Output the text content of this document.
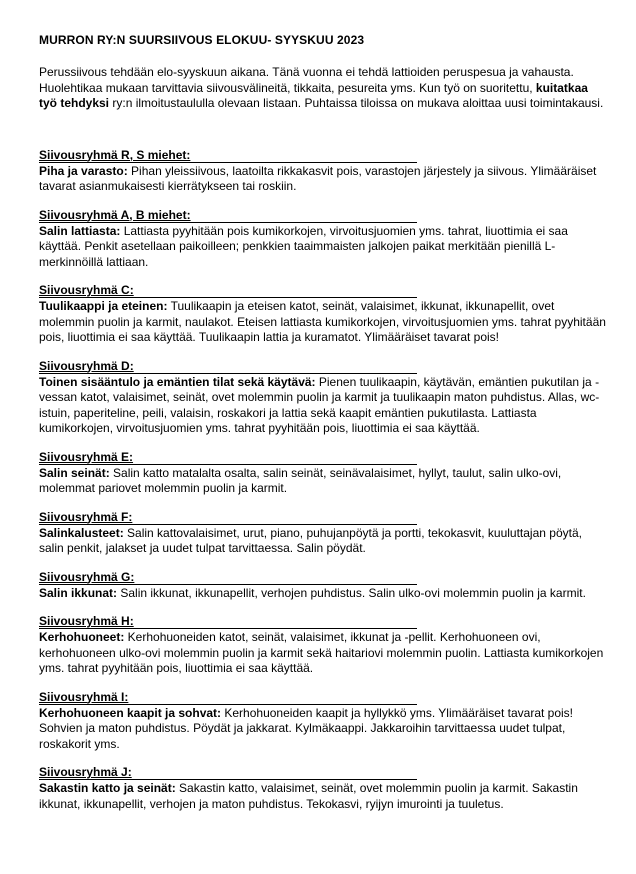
MURRON RY:N SUURSIIVOUS ELOKUU- SYYSKUU 2023

Perussiivous tehdään elo-syyskuun aikana. Tänä vuonna ei tehdä lattioiden peruspesua ja vahausta. Huolehtikaa mukaan tarvittavia siivousvälineitä, tikkaita, pesureita yms. Kun työ on suoritettu, kuitatkaa työ tehdyksi ry:n ilmoitustaululla olevaan listaan. Puhtaissa tiloissa on mukava aloittaa uusi toimintakausi.

Siivousryhmä R, S miehet:

Piha ja varasto: Pihan yleissiivous, laatoilta rikkakasvit pois, varastojen järjestely ja siivous. Ylimääräiset tavarat asianmukaisesti kierrätykseen tai roskiin.

Siivousryhmä A, B miehet:

Salin lattiasta: Lattiasta pyyhitään pois kumikorkojen, virvoitusjuomien yms. tahrat, liuottimia ei saa käyttää. Penkit asetellaan paikoilleen; penkkien taaimmaisten jalkojen paikat merkitään pienillä L-merkinnöillä lattiaan.

Siivousryhmä C:

Tuulikaappi ja eteinen: Tuulikaapin ja eteisen katot, seinät, valaisimet, ikkunat, ikkunapellit, ovet molemmin puolin ja karmit, naulakot. Eteisen lattiasta kumikorkojen, virvoitusjuomien yms. tahrat pyyhitään pois, liuottimia ei saa käyttää. Tuulikaapin lattia ja kuramatot. Ylimääräiset tavarat pois!

Siivousryhmä D:

Toinen sisääntulo ja emäntien tilat sekä käytävä: Pienen tuulikaapin, käytävän, emäntien pukutilan ja -vessan katot, valaisimet, seinät, ovet molemmin puolin ja karmit ja tuulikaapin maton puhdistus. Allas, wc-istuin, paperiteline, peili, valaisin, roskakori ja lattia sekä kaapit emäntien pukutilasta. Lattiasta kumikorkojen, virvoitusjuomien yms. tahrat pyyhitään pois, liuottimia ei saa käyttää.

Siivousryhmä E:

Salin seinät: Salin katto matalalta osalta, salin seinät, seinävalaisimet, hyllyt, taulut, salin ulko-ovi, molemmat pariovet molemmin puolin ja karmit.

Siivousryhmä F:

Salinkalusteet: Salin kattovalaisimet, urut, piano, puhujanpöytä ja portti, tekokasvit, kuuluttajan pöytä, salin penkit, jalakset ja uudet tulpat tarvittaessa. Salin pöydät.

Siivousryhmä G:

Salin ikkunat: Salin ikkunat, ikkunapellit, verhojen puhdistus. Salin ulko-ovi molemmin puolin ja karmit.

Siivousryhmä H:

Kerhohuoneet: Kerhohuoneiden katot, seinät, valaisimet, ikkunat ja -pellit. Kerhohuoneen ovi, kerhohuoneen ulko-ovi molemmin puolin ja karmit sekä haitariovi molemmin puolin. Lattiasta kumikorkojen yms. tahrat pyyhitään pois, liuottimia ei saa käyttää.

Siivousryhmä I:

Kerhohuoneen kaapit ja sohvat: Kerhohuoneiden kaapit ja hyllykkö yms. Ylimääräiset tavarat pois! Sohvien ja maton puhdistus. Pöydät ja jakkarat. Kylmäkaappi. Jakkaroihin tarvittaessa uudet tulpat, roskakorit yms.

Siivousryhmä J:

Sakastin katto ja seinät: Sakastin katto, valaisimet, seinät, ovet molemmin puolin ja karmit. Sakastin ikkunat, ikkunapellit, verhojen ja maton puhdistus. Tekokasvi, ryijyn imurointi ja tuuletus.
